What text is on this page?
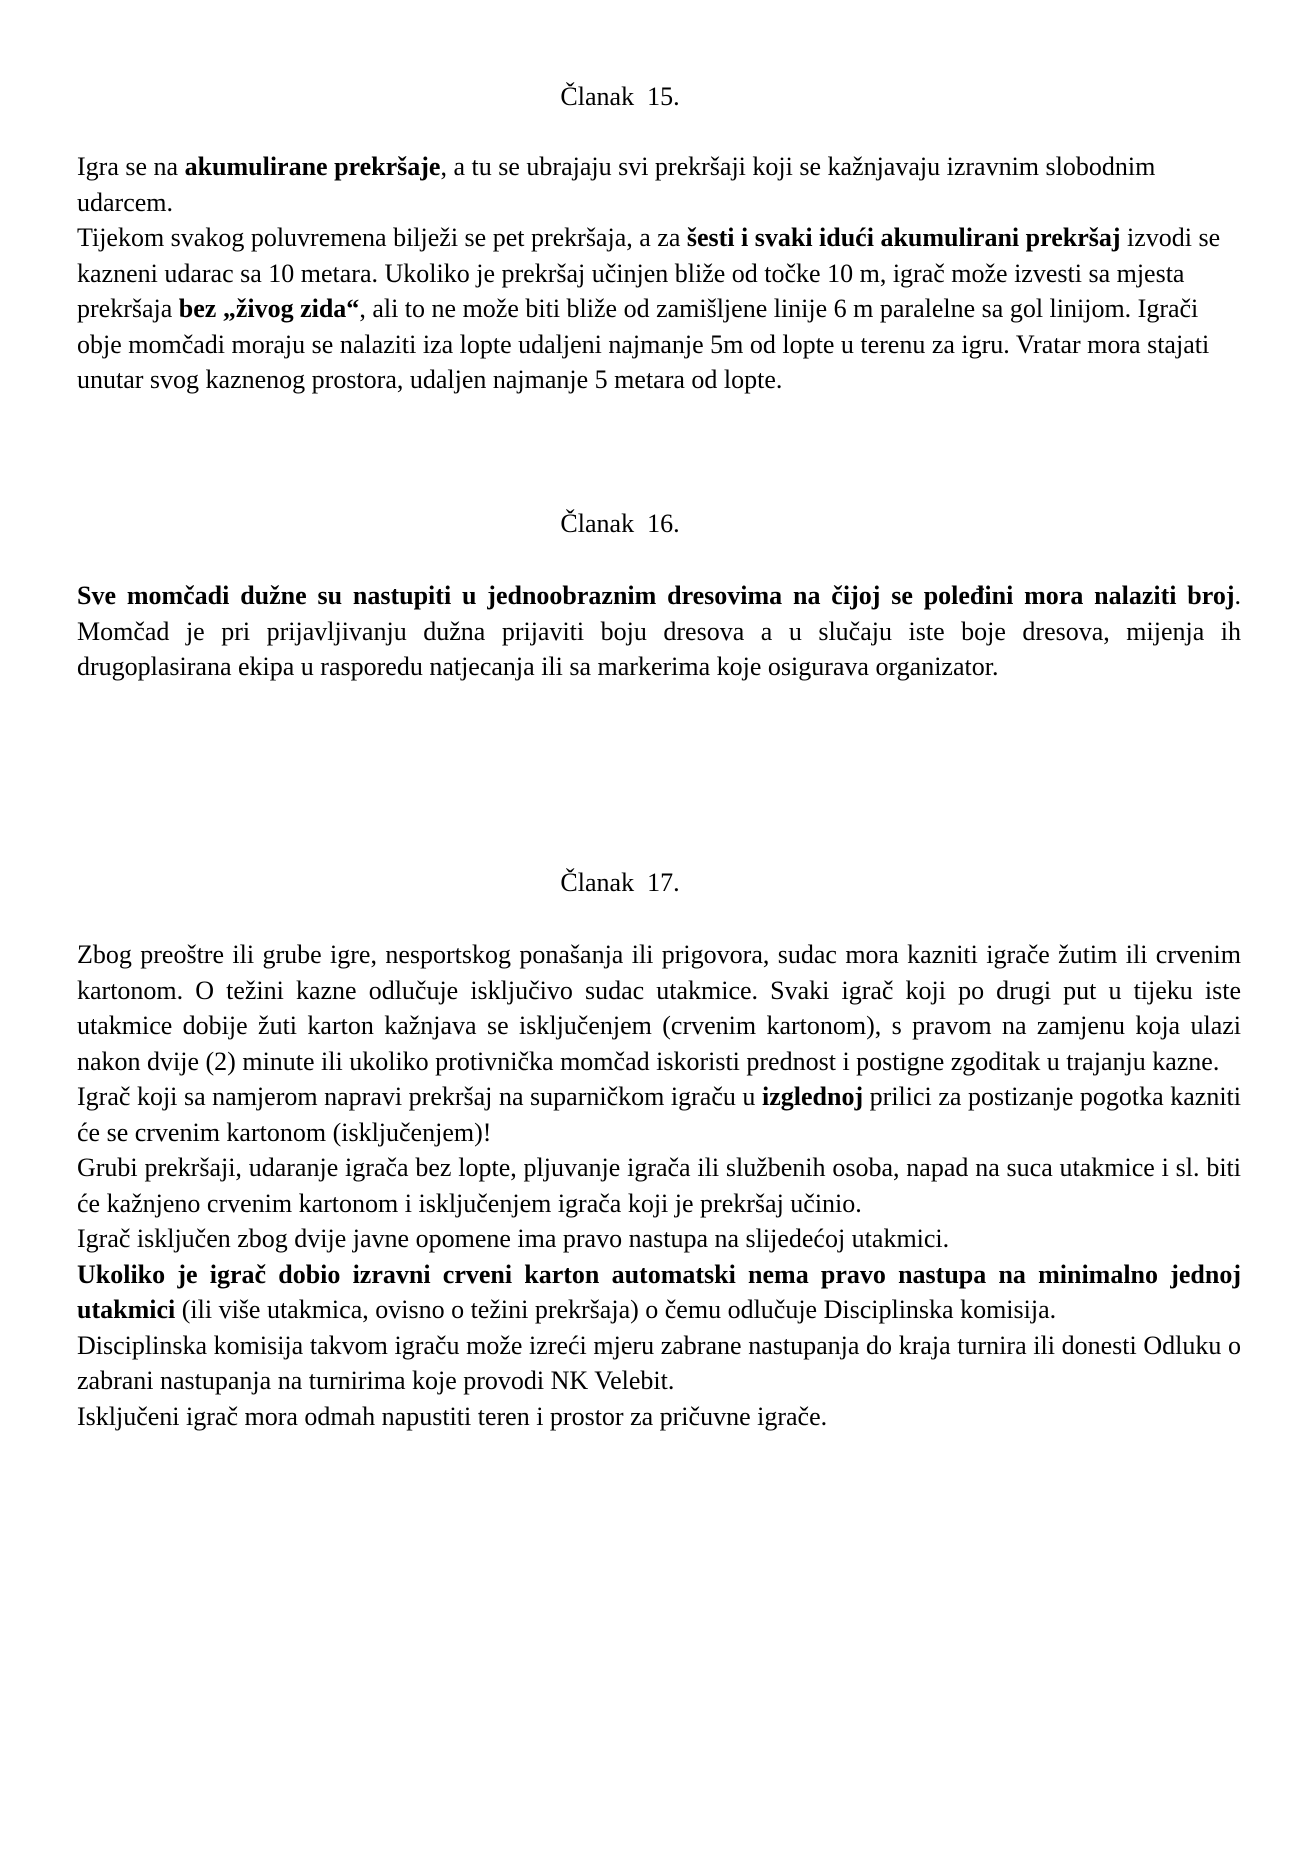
Članak  15.

Igra se na akumulirane prekršaje, a tu se ubrajaju svi prekršaji koji se kažnjavaju izravnim slobodnim udarcem.

Tijekom svakog poluvremena bilježi se pet prekršaja, a za šesti i svaki idući akumulirani prekršaj izvodi se kazneni udarac sa 10 metara. Ukoliko je prekršaj učinjen bliže od točke 10 m, igrač može izvesti sa mjesta prekršaja bez „živog zida“, ali to ne može biti bliže od zamišljene linije 6 m paralelne sa gol linijom. Igrači obje momčadi moraju se nalaziti iza lopte udaljeni najmanje 5m od lopte u terenu za igru. Vratar mora stajati unutar svog kaznenog prostora, udaljen najmanje 5 metara od lopte.

Članak  16.

Sve momčadi dužne su nastupiti u jednoobraznim dresovima na čijoj se poleđini mora nalaziti broj. Momčad je pri prijavljivanju dužna prijaviti boju dresova a u slučaju iste boje dresova, mijenja ih drugoplasirana ekipa u rasporedu natjecanja ili sa markerima koje osigurava organizator.

Članak  17.

Zbog preoštre ili grube igre, nesportskog ponašanja ili prigovora, sudac mora kazniti igrače žutim ili crvenim kartonom. O težini kazne odlučuje isključivo sudac utakmice. Svaki igrač koji po drugi put u tijeku iste utakmice dobije žuti karton kažnjava se isključenjem (crvenim kartonom), s pravom na zamjenu koja ulazi nakon dvije (2) minute ili ukoliko protivnička momčad iskoristi prednost i postigne zgoditak u trajanju kazne.

Igrač koji sa namjerom napravi prekršaj na suparničkom igraču u izglednoj prilici za postizanje pogotka kazniti će se crvenim kartonom (isključenjem)!

Grubi prekršaji, udaranje igrača bez lopte, pljuvanje igrača ili službenih osoba, napad na suca utakmice i sl. biti će kažnjeno crvenim kartonom i isključenjem igrača koji je prekršaj učinio.

Igrač isključen zbog dvije javne opomene ima pravo nastupa na slijedećoj utakmici.

Ukoliko je igrač dobio izravni crveni karton automatski nema pravo nastupa na minimalno jednoj utakmici (ili više utakmica, ovisno o težini prekršaja) o čemu odlučuje Disciplinska komisija.

Disciplinska komisija takvom igraču može izreći mjeru zabrane nastupanja do kraja turnira ili donesti Odluku o zabrani nastupanja na turnirima koje provodi NK Velebit.

Isključeni igrač mora odmah napustiti teren i prostor za pričuvne igrače.
